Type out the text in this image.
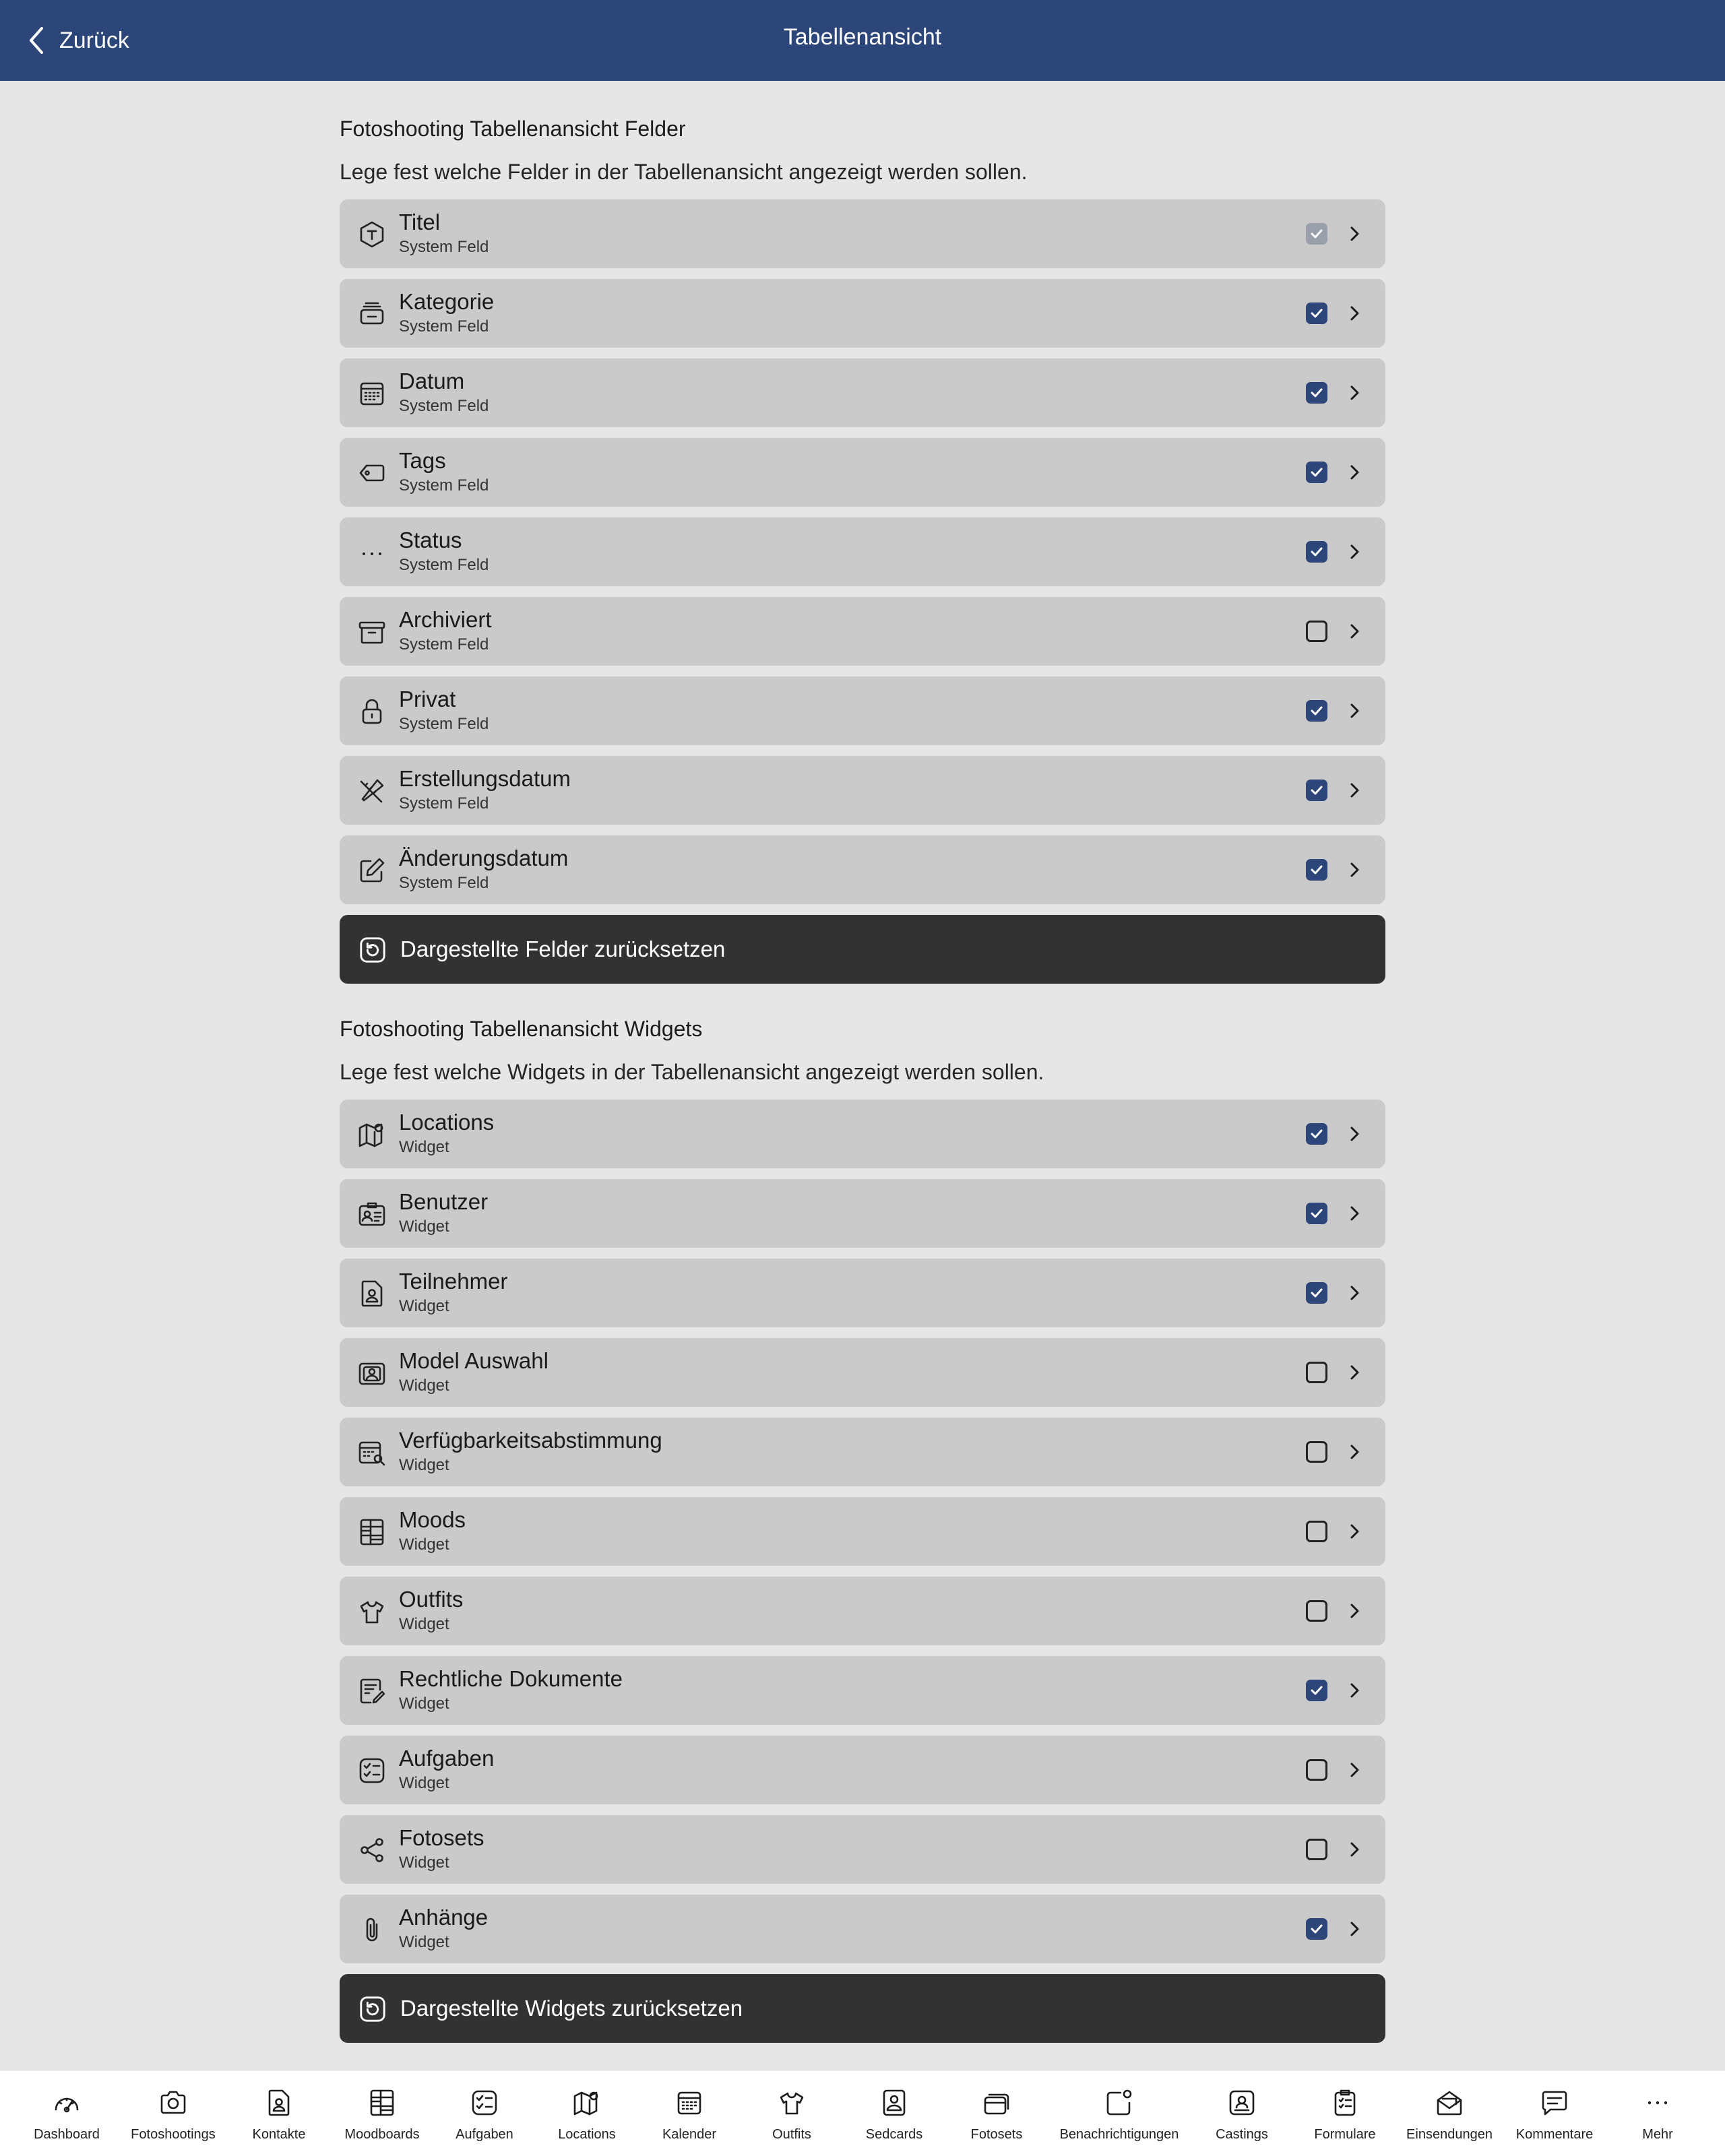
Zurück	Tabellenansicht
Fotoshooting Tabellenansicht Felder
Lege fest welche Felder in der Tabellenansicht angezeigt werden sollen.
Titel
System Feld
Kategorie
System Feld
Datum
System Feld
Tags
System Feld
Status
System Feld
Archiviert
System Feld
Privat
System Feld
Erstellungsdatum
System Feld
Änderungsdatum
System Feld
Dargestellte Felder zurücksetzen
Fotoshooting Tabellenansicht Widgets
Lege fest welche Widgets in der Tabellenansicht angezeigt werden sollen.
Locations
Widget
Benutzer
Widget
Teilnehmer
Widget
Model Auswahl
Widget
Verfügbarkeitsabstimmung
Widget
Moods
Widget
Outfits
Widget
Rechtliche Dokumente
Widget
Aufgaben
Widget
Fotosets
Widget
Anhänge
Widget
Dargestellte Widgets zurücksetzen
Dashboard	Fotoshootings	Kontakte	Moodboards	Aufgaben	Locations	Kalender	Outfits	Sedcards	Fotosets	Benachrichtigungen	Castings	Formulare	Einsendungen	Kommentare	Mehr
